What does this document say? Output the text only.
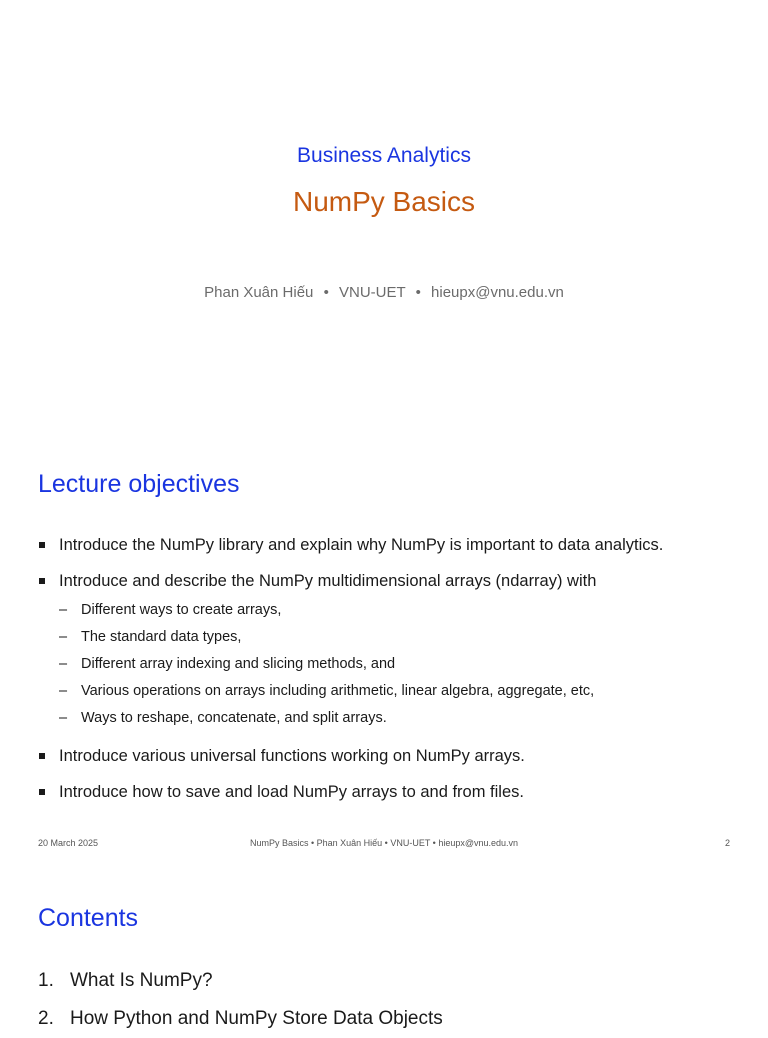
Business Analytics
NumPy Basics
Phan Xuân Hiếu • VNU-UET • hieupx@vnu.edu.vn
Lecture objectives
Introduce the NumPy library and explain why NumPy is important to data analytics.
Introduce and describe the NumPy multidimensional arrays (ndarray) with
– Different ways to create arrays,
– The standard data types,
– Different array indexing and slicing methods, and
– Various operations on arrays including arithmetic, linear algebra, aggregate, etc,
– Ways to reshape, concatenate, and split arrays.
Introduce various universal functions working on NumPy arrays.
Introduce how to save and load NumPy arrays to and from files.
20 March 2025	NumPy Basics • Phan Xuân Hiếu • VNU-UET • hieupx@vnu.edu.vn	2
Contents
1. What Is NumPy?
2. How Python and NumPy Store Data Objects
